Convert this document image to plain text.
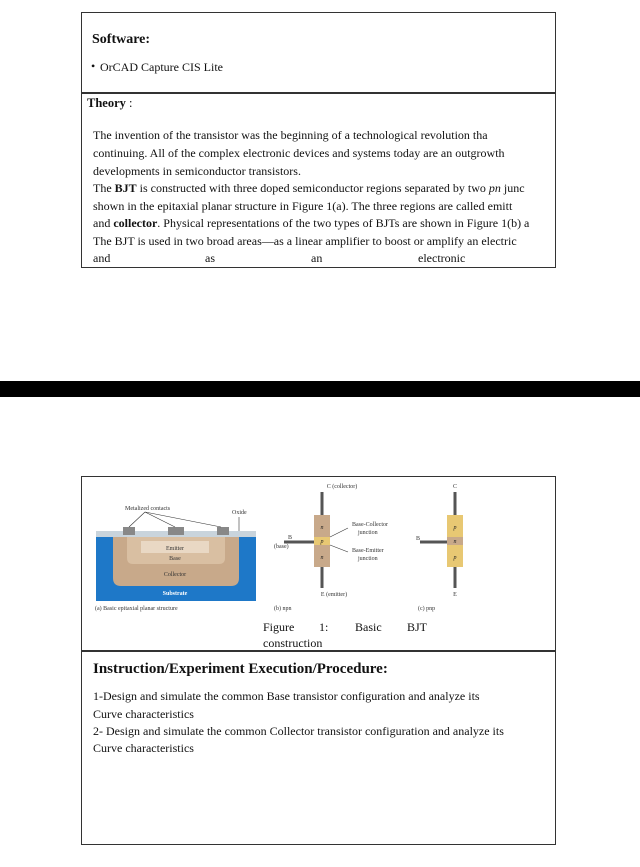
Software:
• OrCAD Capture CIS Lite
Theory :
The invention of the transistor was the beginning of a technological revolution tha
continuing. All of the complex electronic devices and systems today are an outgrowth
developments in semiconductor transistors.
The BJT is constructed with three doped semiconductor regions separated by two pn junc
shown in the epitaxial planar structure in Figure 1(a). The three regions are called emitt
and collector. Physical representations of the two types of BJTs are shown in Figure 1(b) a
The BJT is used in two broad areas—as a linear amplifier to boost or amplify an electric
and	as	an	electronic
Metalized contacts
Oxide
Emitter
Base
Collector
Substrate
(a) Basic epitaxial planar structure
C (collector)
n
p
n
B
(base)
Base-Collector
junction
Base-Emitter
junction
E (emitter)
(b) npn
C
p
n
p
B
E
(c) pnp
Figure 1: Basic BJT
construction
Instruction/Experiment Execution/Procedure:
1-Design and simulate the common Base transistor configuration and analyze its
Curve characteristics
2- Design and simulate the common Collector transistor configuration and analyze its
Curve characteristics
